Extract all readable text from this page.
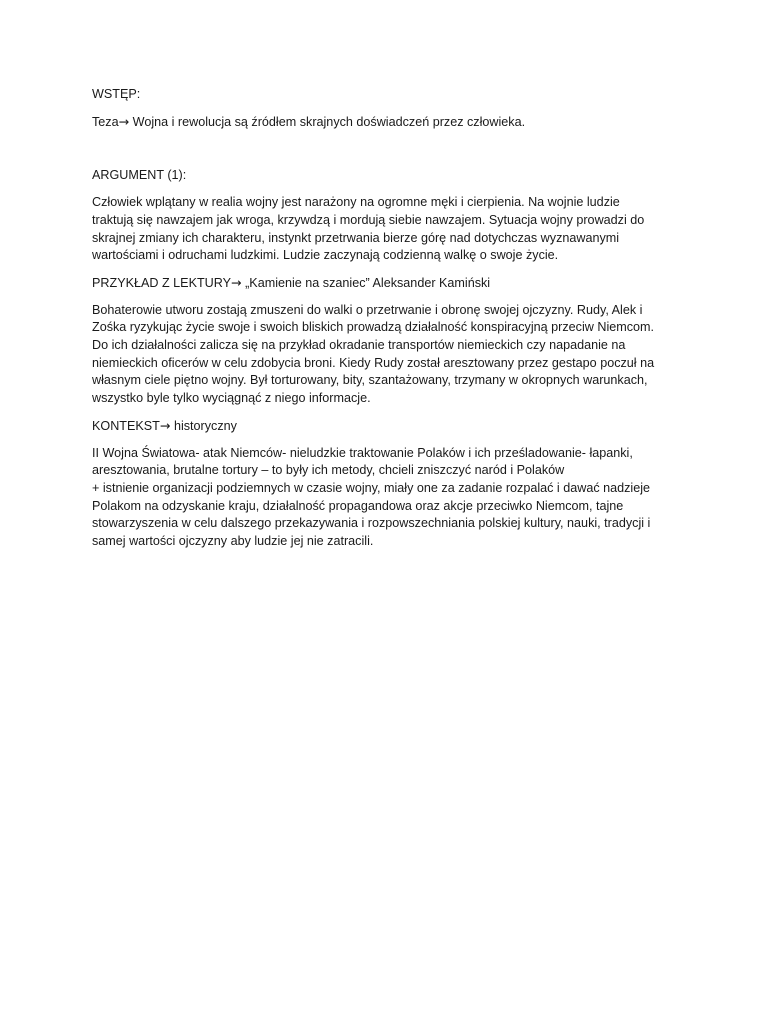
WSTĘP:
Teza→ Wojna i rewolucja są źródłem skrajnych doświadczeń przez człowieka.
ARGUMENT (1):
Człowiek wplątany w realia wojny jest narażony na ogromne męki i cierpienia. Na wojnie ludzie
traktują się nawzajem jak wroga, krzywdzą i mordują siebie nawzajem. Sytuacja wojny prowadzi do
skrajnej zmiany ich charakteru, instynkt przetrwania bierze górę nad dotychczas wyznawanymi
wartościami i odruchami ludzkimi. Ludzie zaczynają codzienną walkę o swoje życie.
PRZYKŁAD Z LEKTURY→ „Kamienie na szaniec” Aleksander Kamiński
Bohaterowie utworu zostają zmuszeni do walki o przetrwanie i obronę swojej ojczyzny. Rudy, Alek i
Zośka ryzykując życie swoje i swoich bliskich prowadzą działalność konspiracyjną przeciw Niemcom.
Do ich działalności zalicza się na przykład okradanie transportów niemieckich czy napadanie na
niemieckich oficerów w celu zdobycia broni. Kiedy Rudy został aresztowany przez gestapo poczuł na
własnym ciele piętno wojny. Był torturowany, bity, szantażowany, trzymany w okropnych warunkach,
wszystko byle tylko wyciągnąć z niego informacje.
KONTEKST→ historyczny
II Wojna Światowa- atak Niemców- nieludzkie traktowanie Polaków i ich prześladowanie- łapanki,
aresztowania, brutalne tortury – to były ich metody, chcieli zniszczyć naród i Polaków
+ istnienie organizacji podziemnych w czasie wojny, miały one za zadanie rozpalać i dawać nadzieje
Polakom na odzyskanie kraju, działalność propagandowa oraz akcje przeciwko Niemcom, tajne
stowarzyszenia w celu dalszego przekazywania i rozpowszechniania polskiej kultury, nauki, tradycji i
samej wartości ojczyzny aby ludzie jej nie zatracili.
